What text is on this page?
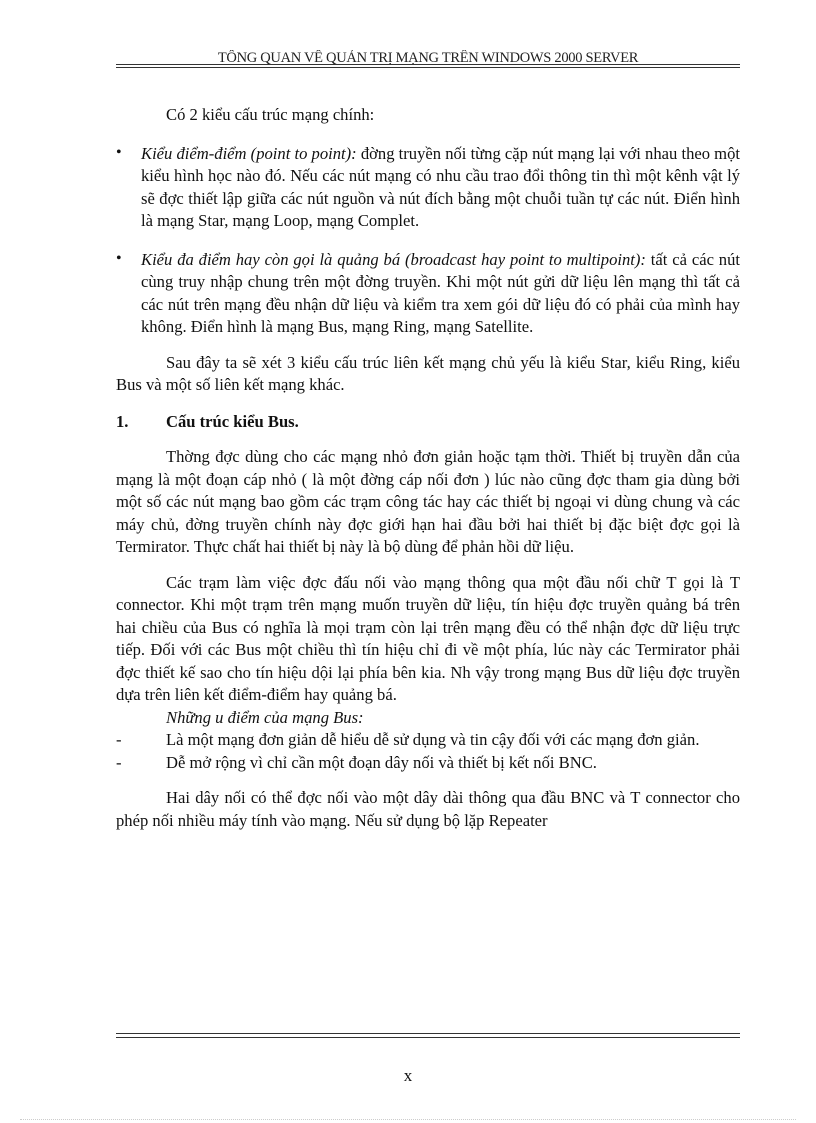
TỔNG QUAN VỀ QUẢN TRỊ MẠNG TRÊN WINDOWS 2000 SERVER

Có 2 kiểu cấu trúc mạng chính:

• Kiểu điểm-điểm (point to point): đờng truyền nối từng cặp nút mạng lại với nhau theo một kiểu hình học nào đó. Nếu các nút mạng có nhu cầu trao đổi thông tin thì một kênh vật lý sẽ đợc thiết lập giữa các nút nguồn và nút đích bằng một chuỗi tuần tự các nút. Điển hình là mạng Star, mạng Loop, mạng Complet.
• Kiểu đa điểm hay còn gọi là quảng bá (broadcast hay point to multipoint): tất cả các nút cùng truy nhập chung trên một đờng truyền. Khi một nút gửi dữ liệu lên mạng thì tất cả các nút trên mạng đều nhận dữ liệu và kiểm tra xem gói dữ liệu đó có phải của mình hay không. Điển hình là mạng Bus, mạng Ring, mạng Satellite.

Sau đây ta sẽ xét 3 kiểu cấu trúc liên kết mạng chủ yếu là kiểu Star, kiểu Ring, kiểu Bus và một số liên kết mạng khác.

1.	Cấu trúc kiểu Bus.

Thờng đợc dùng cho các mạng nhỏ đơn giản hoặc tạm thời. Thiết bị truyền dẫn của mạng là một đoạn cáp nhỏ ( là một đờng cáp nối đơn ) lúc nào cũng đợc tham gia dùng bởi một số các nút mạng bao gồm các trạm công tác hay các thiết bị ngoại vi dùng chung và các máy chủ, đờng truyền chính này đợc giới hạn hai đầu bởi hai thiết bị đặc biệt đợc gọi là Termirator. Thực chất hai thiết bị này là bộ dùng để phản hồi dữ liệu.

Các trạm làm việc đợc đấu nối vào mạng thông qua một đầu nối chữ T gọi là T connector. Khi một trạm trên mạng muốn truyền dữ liệu, tín hiệu đợc truyền quảng bá trên hai chiều của Bus có nghĩa là mọi trạm còn lại trên mạng đều có thể nhận đợc dữ liệu trực tiếp. Đối với các Bus một chiều thì tín hiệu chỉ đi về một phía, lúc này các Termirator phải đợc thiết kế sao cho tín hiệu dội lại phía bên kia. Nh vậy trong mạng Bus dữ liệu đợc truyền dựa trên liên kết điểm-điểm hay quảng bá.

Những u điểm của mạng Bus:

-	Là một mạng đơn giản dễ hiểu dễ sử dụng và tin cậy đối với các mạng đơn giản.

-	Dễ mở rộng vì chỉ cần một đoạn dây nối và thiết bị kết nối BNC.

Hai dây nối có thể đợc nối vào một dây dài thông qua đầu BNC và T connector cho phép nối nhiều máy tính vào mạng. Nếu sử dụng bộ lặp Repeater

x
